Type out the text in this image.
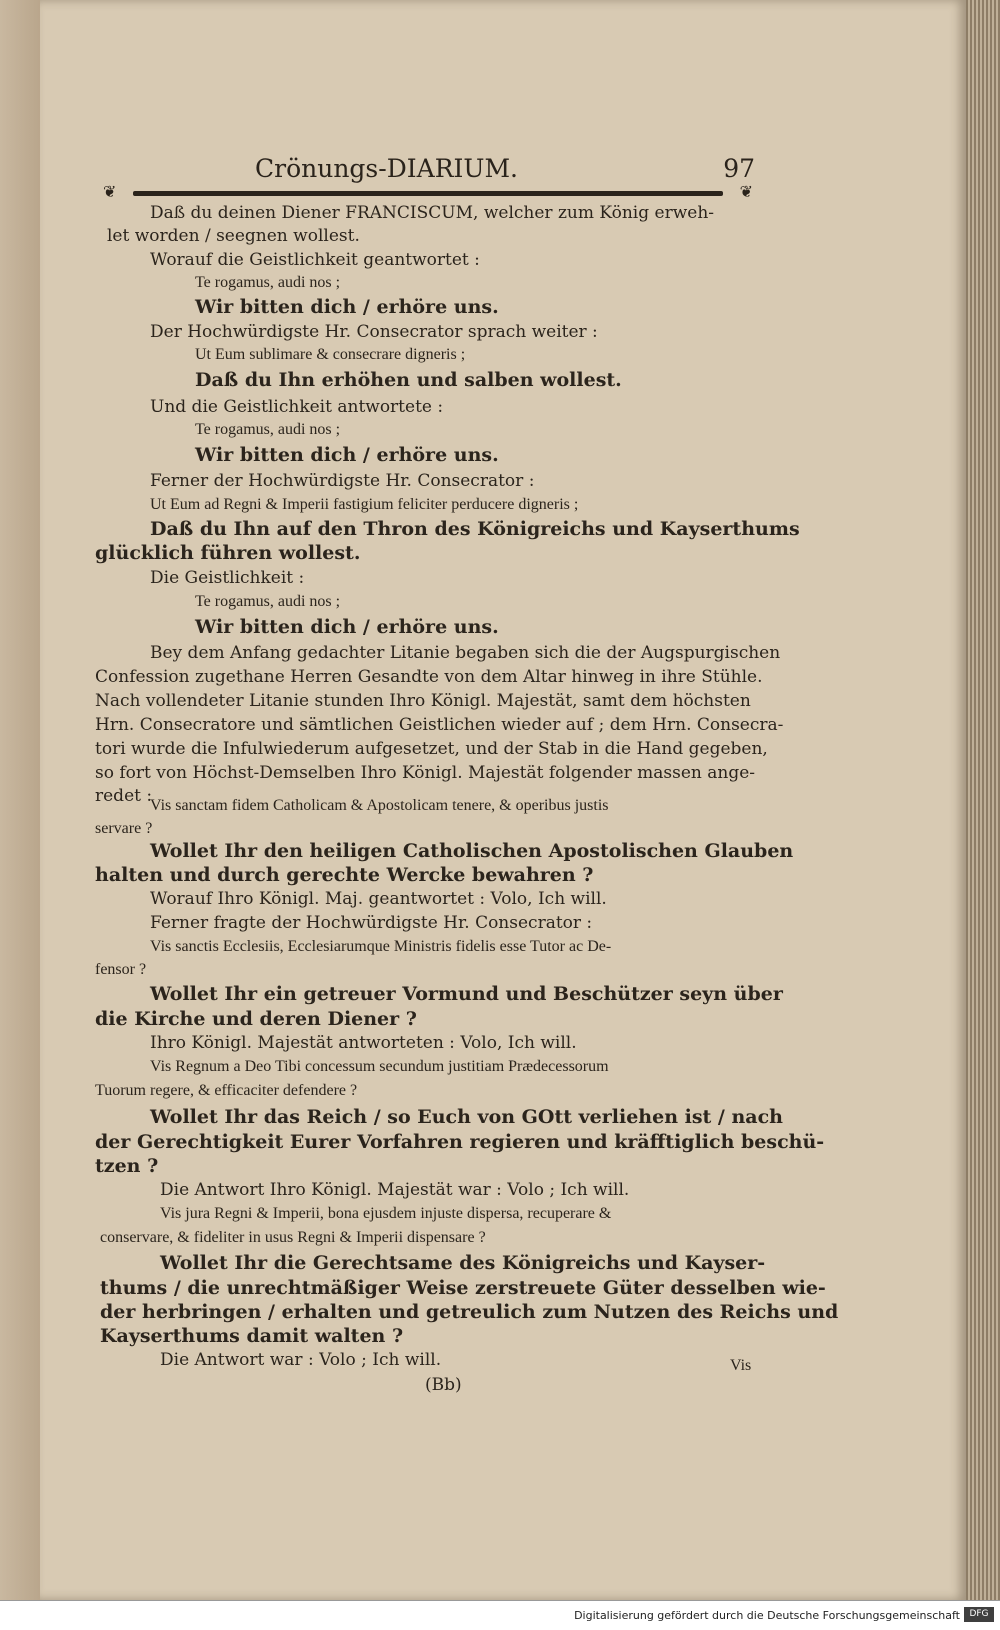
Crönungs-DIARIUM.	97
❦	❦
Daß du deinen Diener FRANCISCUM, welcher zum König erweh-
let worden / seegnen wollest.
Worauf die Geistlichkeit geantwortet :
Te rogamus, audi nos ;
Wir bitten dich / erhöre uns.
Der Hochwürdigste Hr. Consecrator sprach weiter :
Ut Eum sublimare & consecrare digneris ;
Daß du Ihn erhöhen und salben wollest.
Und die Geistlichkeit antwortete :
Te rogamus, audi nos ;
Wir bitten dich / erhöre uns.
Ferner der Hochwürdigste Hr. Consecrator :
Ut Eum ad Regni & Imperii fastigium feliciter perducere digneris ;
Daß du Ihn auf den Thron des Königreichs und Kayserthums
glücklich führen wollest.
Die Geistlichkeit :
Te rogamus, audi nos ;
Wir bitten dich / erhöre uns.
Bey dem Anfang gedachter Litanie begaben sich die der Augspurgischen
Confession zugethane Herren Gesandte von dem Altar hinweg in ihre Stühle.
Nach vollendeter Litanie stunden Ihro Königl. Majestät, samt dem höchsten
Hrn. Consecratore und sämtlichen Geistlichen wieder auf ; dem Hrn. Consecra-
tori wurde die Infulwiederum aufgesetzet, und der Stab in die Hand gegeben,
so fort von Höchst-Demselben Ihro Königl. Majestät folgender massen ange-
redet :
Vis sanctam fidem Catholicam & Apostolicam tenere, & operibus justis
servare ?
Wollet Ihr den heiligen Catholischen Apostolischen Glauben
halten und durch gerechte Wercke bewahren ?
Worauf Ihro Königl. Maj. geantwortet : Volo, Ich will.
Ferner fragte der Hochwürdigste Hr. Consecrator :
Vis sanctis Ecclesiis, Ecclesiarumque Ministris fidelis esse Tutor ac De-
fensor ?
Wollet Ihr ein getreuer Vormund und Beschützer seyn über
die Kirche und deren Diener ?
Ihro Königl. Majestät antworteten : Volo, Ich will.
Vis Regnum a Deo Tibi concessum secundum justitiam Prædecessorum
Tuorum regere, & efficaciter defendere ?
Wollet Ihr das Reich / so Euch von GOtt verliehen ist / nach
der Gerechtigkeit Eurer Vorfahren regieren und kräfftiglich beschü-
tzen ?
Die Antwort Ihro Königl. Majestät war : Volo ; Ich will.
Vis jura Regni & Imperii, bona ejusdem injuste dispersa, recuperare &
conservare, & fideliter in usus Regni & Imperii dispensare ?
Wollet Ihr die Gerechtsame des Königreichs und Kayser-
thums / die unrechtmäßiger Weise zerstreuete Güter desselben wie-
der herbringen / erhalten und getreulich zum Nutzen des Reichs und
Kayserthums damit walten ?
Die Antwort war : Volo ; Ich will.
(Bb)
Vis
Digitalisierung gefördert durch die Deutsche Forschungsgemeinschaft	DFG
